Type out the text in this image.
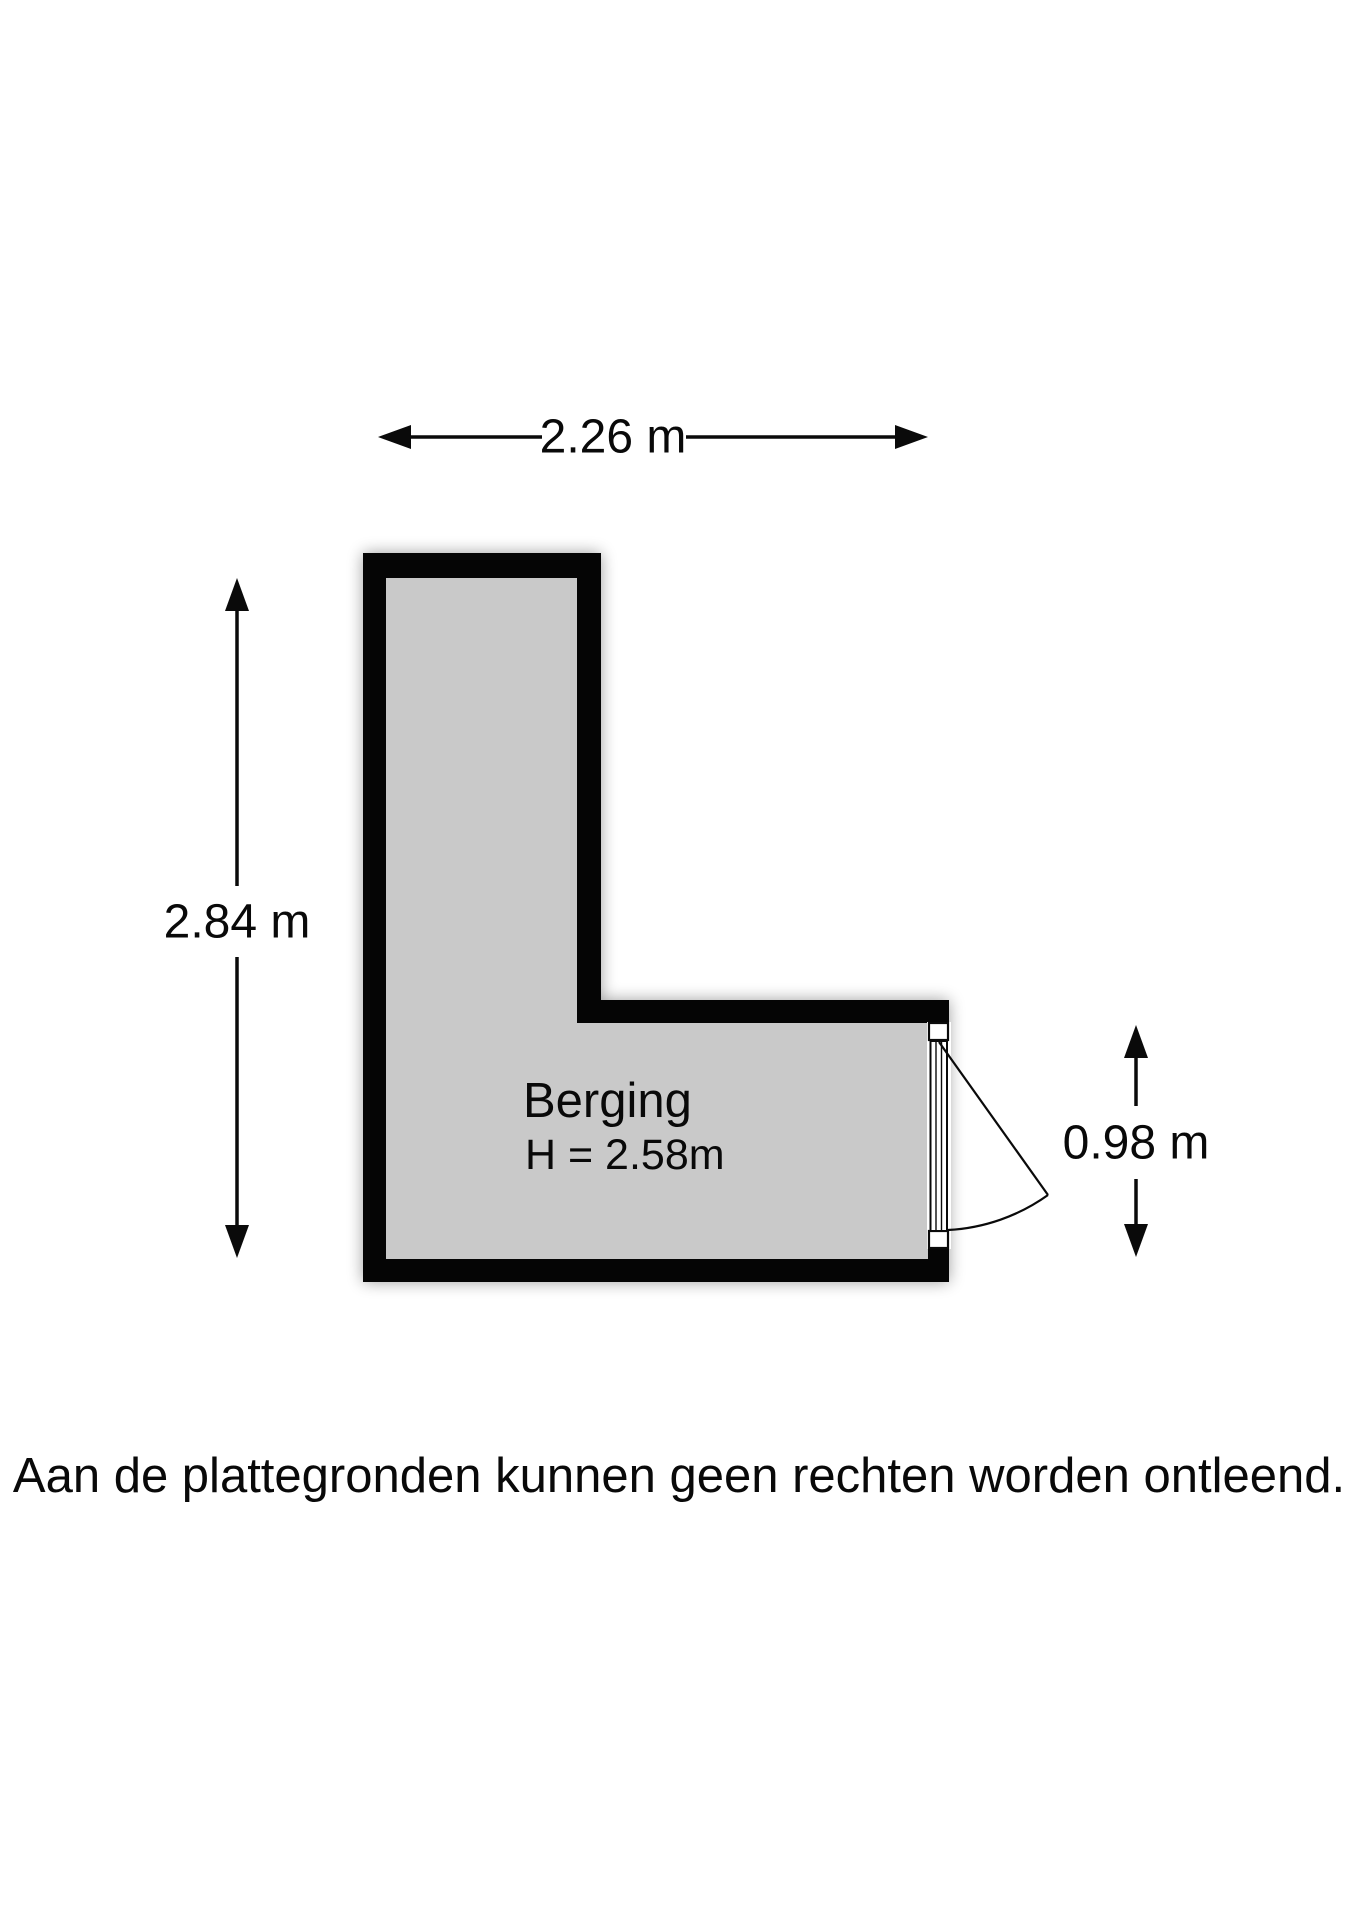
2.26 m
2.84 m
0.98 m
Berging
H = 2.58m
Aan de plattegronden kunnen geen rechten worden ontleend.
